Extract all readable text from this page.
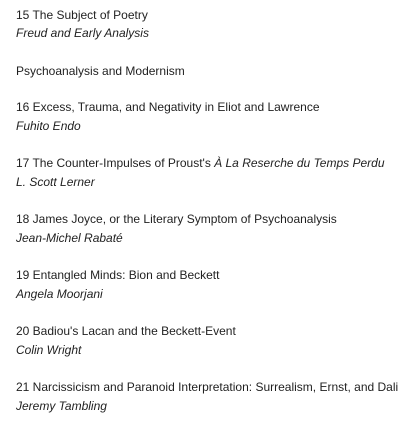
15 The Subject of Poetry
Freud and Early Analysis
Psychoanalysis and Modernism
16 Excess, Trauma, and Negativity in Eliot and Lawrence
Fuhito Endo
17 The Counter-Impulses of Proust's À La Reserche du Temps Perdu
L. Scott Lerner
18 James Joyce, or the Literary Symptom of Psychoanalysis
Jean-Michel Rabaté
19 Entangled Minds: Bion and Beckett
Angela Moorjani
20 Badiou's Lacan and the Beckett-Event
Colin Wright
21 Narcissicism and Paranoid Interpretation: Surrealism, Ernst, and Dali
Jeremy Tambling
